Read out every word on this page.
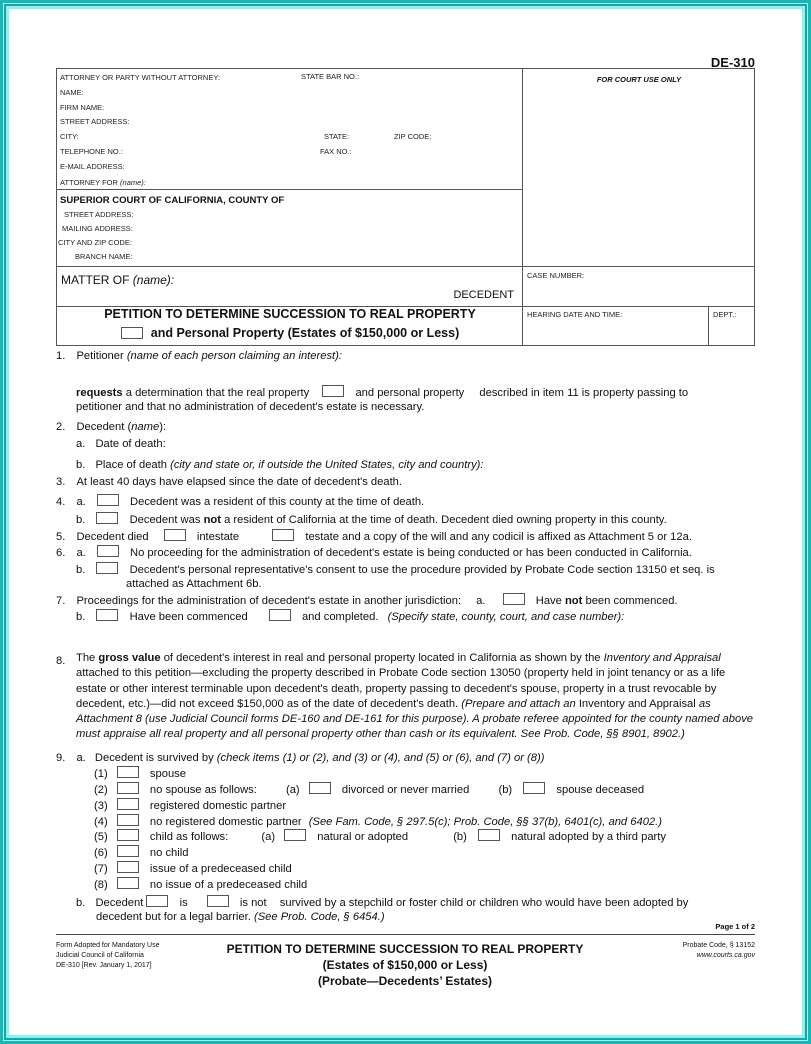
DE-310
ATTORNEY OR PARTY WITHOUT ATTORNEY:	STATE BAR NO.:
NAME:
FIRM NAME:
STREET ADDRESS:
CITY:	STATE:	ZIP CODE:
TELEPHONE NO.:	FAX NO.:
E-MAIL ADDRESS:
ATTORNEY FOR (name):
FOR COURT USE ONLY
SUPERIOR COURT OF CALIFORNIA, COUNTY OF
STREET ADDRESS:
MAILING ADDRESS:
CITY AND ZIP CODE:
BRANCH NAME:
MATTER OF (name):
DECEDENT
CASE NUMBER:
HEARING DATE AND TIME:	DEPT.:
PETITION TO DETERMINE SUCCESSION TO REAL PROPERTY
and Personal Property (Estates of $150,000 or Less)
1. Petitioner (name of each person claiming an interest):
requests a determination that the real property	and personal property described in item 11 is property passing to
petitioner and that no administration of decedent's estate is necessary.
2. Decedent (name):
a. Date of death:
b. Place of death (city and state or, if outside the United States, city and country):
3. At least 40 days have elapsed since the date of decedent's death.
4. a.	Decedent was a resident of this county at the time of death.
b.	Decedent was not a resident of California at the time of death. Decedent died owning property in this county.
5. Decedent died	intestate	testate and a copy of the will and any codicil is affixed as Attachment 5 or 12a.
6. a.	No proceeding for the administration of decedent's estate is being conducted or has been conducted in California.
b.	Decedent's personal representative's consent to use the procedure provided by Probate Code section 13150 et seq. is
attached as Attachment 6b.
7. Proceedings for the administration of decedent's estate in another jurisdiction: a.	Have not been commenced.
b.	Have been commenced	and completed. (Specify state, county, court, and case number):
8. The gross value of decedent's interest in real and personal property located in California as shown by the Inventory and Appraisal attached to this petition—excluding the property described in Probate Code section 13050 (property held in joint tenancy or as a life estate or other interest terminable upon decedent's death, property passing to decedent's spouse, property in a trust revocable by decedent, etc.)—did not exceed $150,000 as of the date of decedent's death. (Prepare and attach an Inventory and Appraisal as Attachment 8 (use Judicial Council forms DE-160 and DE-161 for this purpose). A probate referee appointed for the county named above must appraise all real property and all personal property other than cash or its equivalent. See Prob. Code, §§ 8901, 8902.)
9. a. Decedent is survived by (check items (1) or (2), and (3) or (4), and (5) or (6), and (7) or (8))
(1)	spouse
(2)	no spouse as follows:	(a)	divorced or never married	(b)	spouse deceased
(3)	registered domestic partner
(4)	no registered domestic partner (See Fam. Code, § 297.5(c); Prob. Code, §§ 37(b), 6401(c), and 6402.)
(5)	child as follows:	(a)	natural or adopted	(b)	natural adopted by a third party
(6)	no child
(7)	issue of a predeceased child
(8)	no issue of a predeceased child
b. Decedent	is	is not survived by a stepchild or foster child or children who would have been adopted by
decedent but for a legal barrier. (See Prob. Code, § 6454.)
Page 1 of 2
Form Adopted for Mandatory Use
Judicial Council of California
DE-310 [Rev. January 1, 2017]
PETITION TO DETERMINE SUCCESSION TO REAL PROPERTY
(Estates of $150,000 or Less)
(Probate—Decedents’ Estates)
Probate Code, § 13152
www.courts.ca.gov
